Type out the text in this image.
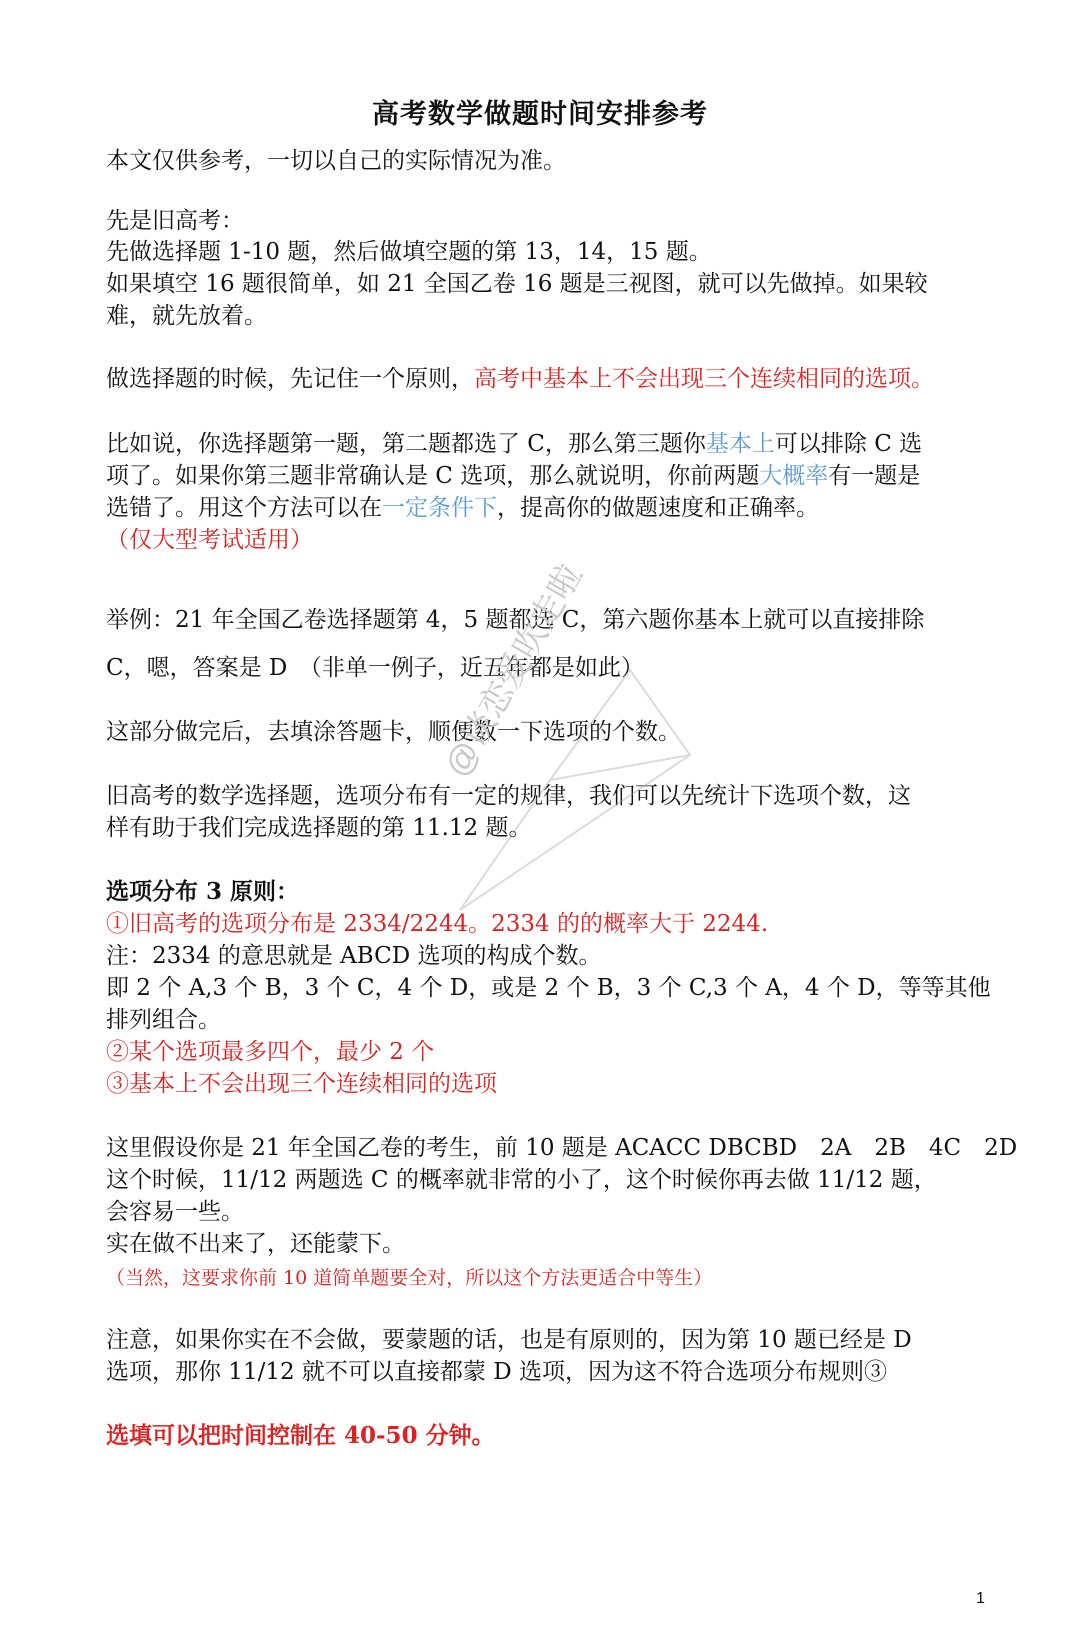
高考数学做题时间安排参考
本文仅供参考，一切以自己的实际情况为准。
先是旧高考：
先做选择题 1-10 题，然后做填空题的第 13，14，15 题。
如果填空 16 题很简单，如 21 全国乙卷 16 题是三视图，就可以先做掉。如果较
难，就先放着。
做选择题的时候，先记住一个原则，高考中基本上不会出现三个连续相同的选项。
比如说，你选择题第一题，第二题都选了 C，那么第三题你基本上可以排除 C 选
项了。如果你第三题非常确认是 C 选项，那么就说明，你前两题大概率有一题是
选错了。用这个方法可以在一定条件下，提高你的做题速度和正确率。
（仅大型考试适用）
举例：21 年全国乙卷选择题第 4，5 题都选 C，第六题你基本上就可以直接排除
C，嗯，答案是 D　（非单一例子，近五年都是如此）
这部分做完后，去填涂答题卡，顺便数一下选项的个数。
旧高考的数学选择题，选项分布有一定的规律，我们可以先统计下选项个数，这
样有助于我们完成选择题的第 11.12 题。
选项分布 3 原则：
①旧高考的选项分布是 2334/2244。2334 的的概率大于 2244.
注：2334 的意思就是 ABCD 选项的构成个数。
即 2 个 A,3 个 B，3 个 C，4 个 D，或是 2 个 B，3 个 C,3 个 A，4 个 D，等等其他
排列组合。
②某个选项最多四个，最少 2 个
③基本上不会出现三个连续相同的选项
这里假设你是 21 年全国乙卷的考生，前 10 题是 ACACC DBCBD　2A　2B　4C　2D
这个时候，11/12 两题选 C 的概率就非常的小了，这个时候你再去做 11/12 题，
会容易一些。
实在做不出来了，还能蒙下。
（当然，这要求你前 10 道简单题要全对，所以这个方法更适合中等生）
注意，如果你实在不会做，要蒙题的话，也是有原则的，因为第 10 题已经是 D
选项，那你 11/12 就不可以直接都蒙 D 选项，因为这不符合选项分布规则③
选填可以把时间控制在 40-50 分钟。
@谈恋爱吹走啦
1
